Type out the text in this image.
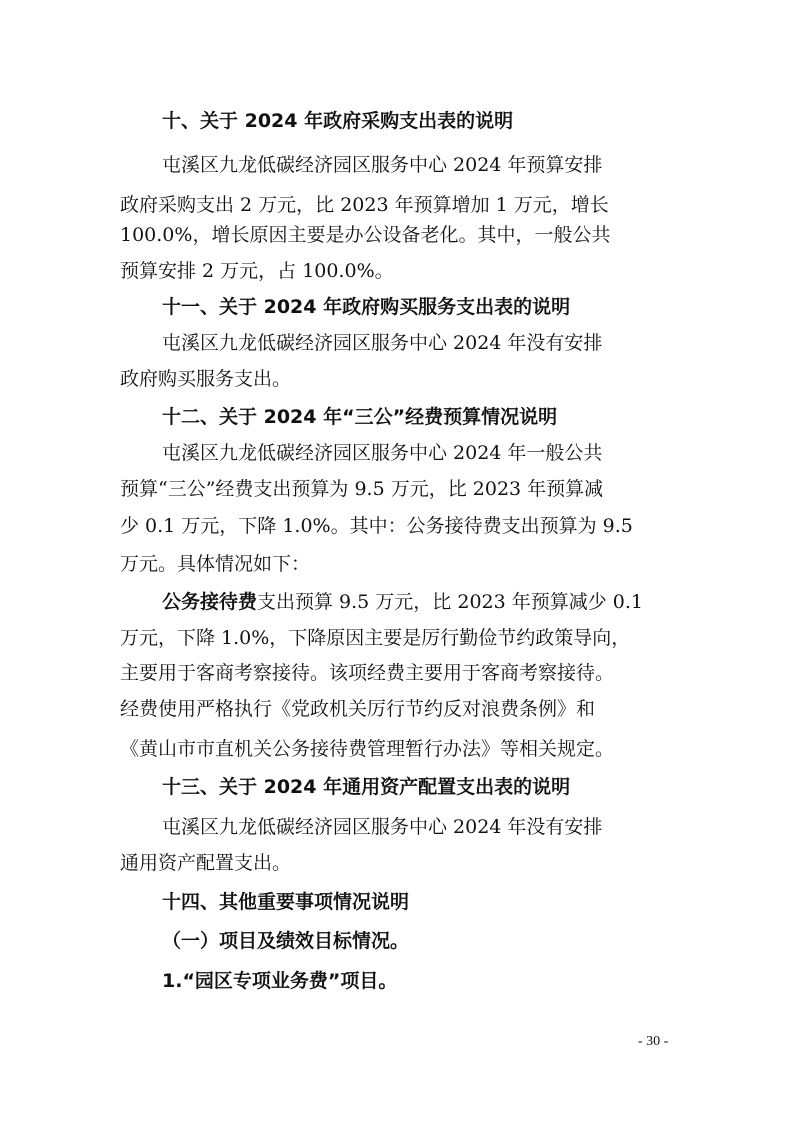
十、关于 2024 年政府采购支出表的说明
屯溪区九龙低碳经济园区服务中心 2024 年预算安排
政府采购支出 2 万元，比 2023 年预算增加 1 万元，增长
100.0%，增长原因主要是办公设备老化。其中，一般公共
预算安排 2 万元，占 100.0%。
十一、关于 2024 年政府购买服务支出表的说明
屯溪区九龙低碳经济园区服务中心 2024 年没有安排
政府购买服务支出。
十二、关于 2024 年“三公”经费预算情况说明
屯溪区九龙低碳经济园区服务中心 2024 年一般公共
预算“三公”经费支出预算为 9.5 万元，比 2023 年预算减
少 0.1 万元，下降 1.0%。其中：公务接待费支出预算为 9.5
万元。具体情况如下：
公务接待费支出预算 9.5 万元，比 2023 年预算减少 0.1
万元，下降 1.0%，下降原因主要是厉行勤俭节约政策导向，
主要用于客商考察接待。该项经费主要用于客商考察接待。
经费使用严格执行《党政机关厉行节约反对浪费条例》和
《黄山市市直机关公务接待费管理暂行办法》等相关规定。
十三、关于 2024 年通用资产配置支出表的说明
屯溪区九龙低碳经济园区服务中心 2024 年没有安排
通用资产配置支出。
十四、其他重要事项情况说明
（一）项目及绩效目标情况。
1.“园区专项业务费”项目。
- 30 -
